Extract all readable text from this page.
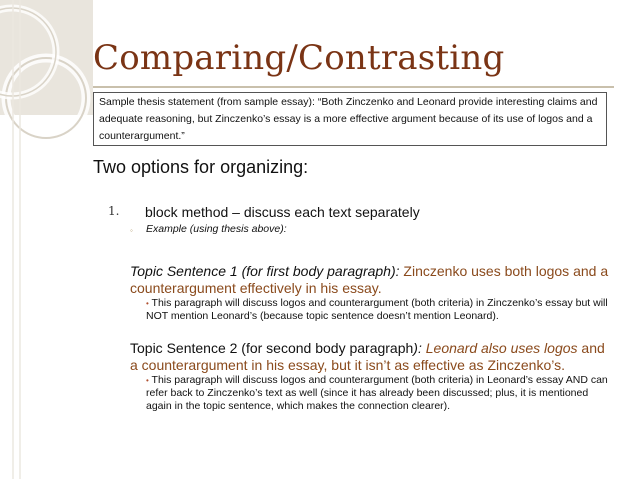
Comparing/Contrasting
Sample thesis statement (from sample essay): “Both Zinczenko and Leonard provide interesting claims and adequate reasoning, but Zinczenko’s essay is a more effective argument because of its use of logos and a counterargument.”
Two options for organizing:
1. block method – discuss each text separately
◦ Example (using thesis above):
Topic Sentence 1 (for first body paragraph): Zinczenko uses both logos and a counterargument effectively in his essay.
• This paragraph will discuss logos and counterargument (both criteria) in Zinczenko’s essay but will NOT mention Leonard’s (because topic sentence doesn’t mention Leonard).
Topic Sentence 2 (for second body paragraph): Leonard also uses logos and a counterargument in his essay, but it isn’t as effective as Zinczenko’s.
• This paragraph will discuss logos and counterargument (both criteria) in Leonard’s essay AND can refer back to Zinczenko’s text as well (since it has already been discussed; plus, it is mentioned again in the topic sentence, which makes the connection clearer).
